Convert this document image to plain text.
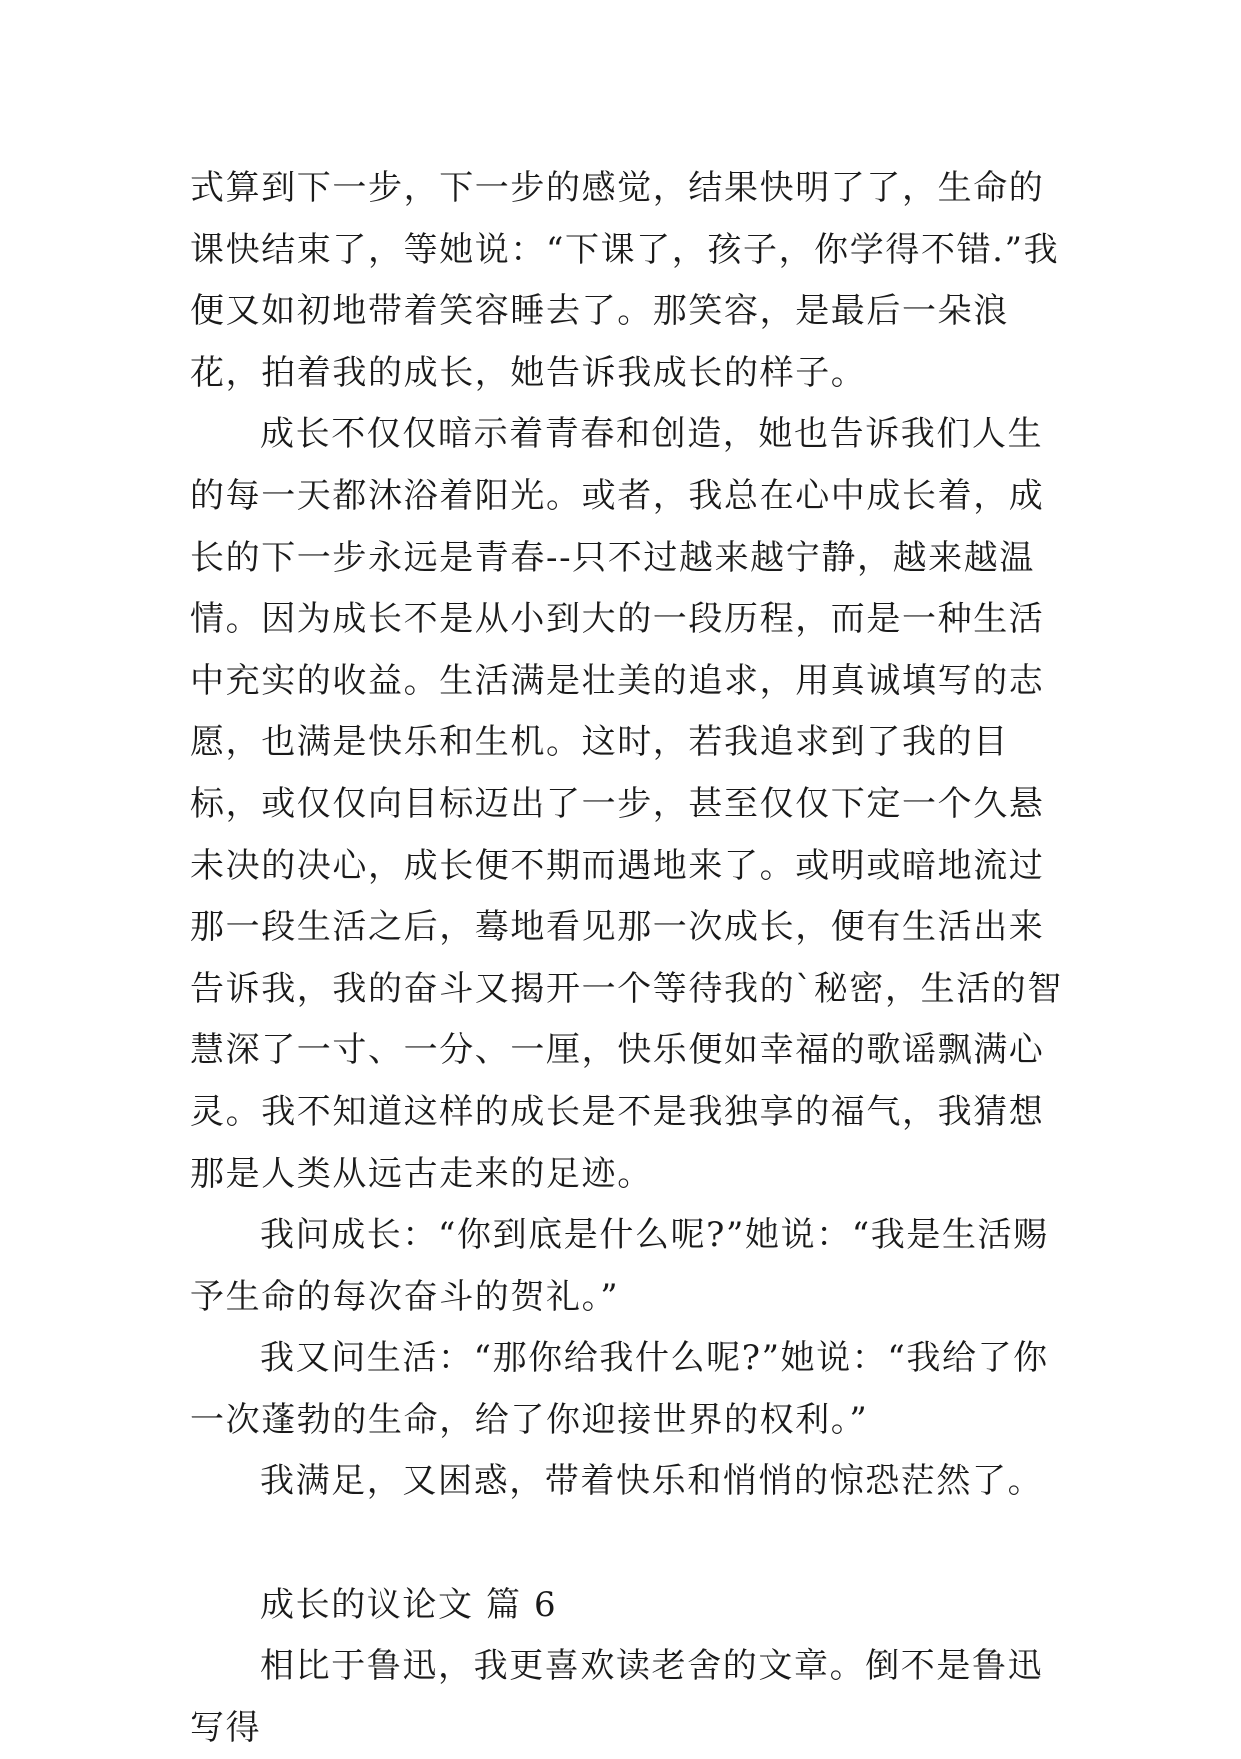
式算到下一步，下一步的感觉，结果快明了了，生命的课快结束了，等她说：“下课了，孩子，你学得不错.”我便又如初地带着笑容睡去了。那笑容，是最后一朵浪花，拍着我的成长，她告诉我成长的样子。

成长不仅仅暗示着青春和创造，她也告诉我们人生的每一天都沐浴着阳光。或者，我总在心中成长着，成长的下一步永远是青春--只不过越来越宁静，越来越温情。因为成长不是从小到大的一段历程，而是一种生活中充实的收益。生活满是壮美的追求，用真诚填写的志愿，也满是快乐和生机。这时，若我追求到了我的目标，或仅仅向目标迈出了一步，甚至仅仅下定一个久悬未决的决心，成长便不期而遇地来了。或明或暗地流过那一段生活之后，蓦地看见那一次成长，便有生活出来告诉我，我的奋斗又揭开一个等待我的`秘密，生活的智慧深了一寸、一分、一厘，快乐便如幸福的歌谣飘满心灵。我不知道这样的成长是不是我独享的福气，我猜想那是人类从远古走来的足迹。

我问成长：“你到底是什么呢?”她说：“我是生活赐予生命的每次奋斗的贺礼。”

我又问生活：“那你给我什么呢?”她说：“我给了你一次蓬勃的生命，给了你迎接世界的权利。”

我满足，又困惑，带着快乐和悄悄的惊恐茫然了。

成长的议论文 篇 6

相比于鲁迅，我更喜欢读老舍的文章。倒不是鲁迅写得
